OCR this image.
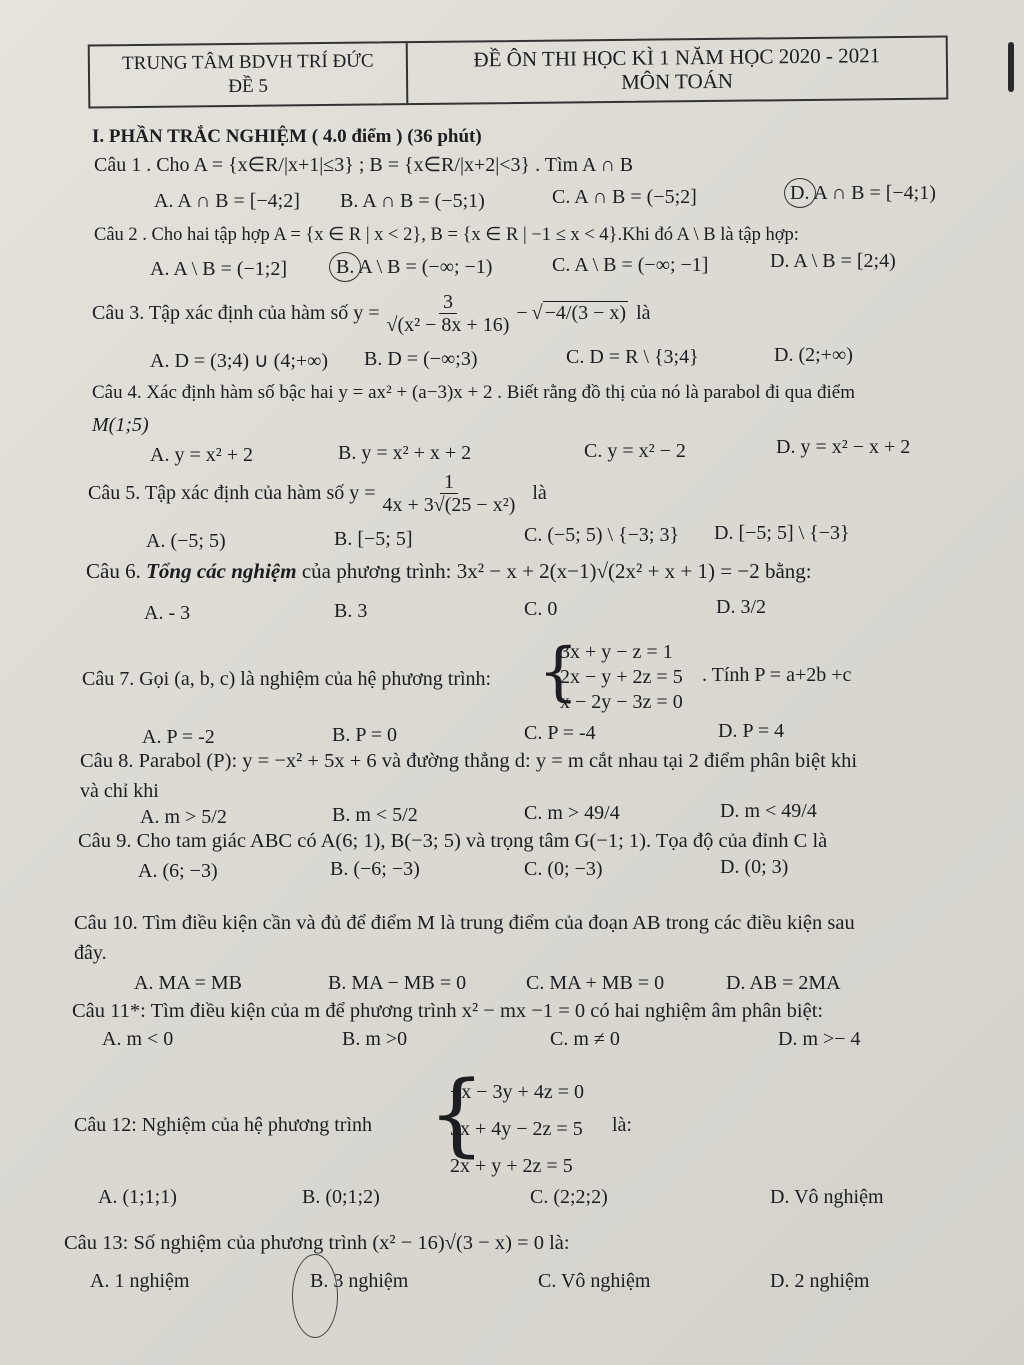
TRUNG TÂM BDVH TRÍ ĐỨC
ĐỀ 5
ĐỀ ÔN THI HỌC KÌ 1 NĂM HỌC 2020 - 2021
MÔN TOÁN
I. PHẦN TRẮC NGHIỆM ( 4.0 điểm ) (36 phút)
Câu 1 . Cho A = {x∈R/|x+1|≤3} ; B = {x∈R/|x+2|<3} . Tìm A ∩ B
A. A ∩ B = [−4;2] B. A ∩ B = (−5;1)	C. A ∩ B = (−5;2]	D. A ∩ B = [−4;1)
Câu 2 . Cho hai tập hợp A = {x ∈ R | x < 2}, B = {x ∈ R | −1 ≤ x < 4}.Khi đó A \ B là tập hợp:
A. A \ B = (−1;2] B. A \ B = (−∞; −1)	C. A \ B = (−∞; −1]	D. A \ B = [2;4)
Câu 3. Tập xác định của hàm số $y = \frac{3}{\text{√(x² − 8x + 16)}}$ − √ −4/(3 − x) là
A. D = (3;4) ∪ (4;+∞) B. D = (−∞;3)	C. D = R \ {3;4}	D. (2;+∞)
Câu 4. Xác định hàm số bậc hai y = ax² + (a−3)x + 2 . Biết rằng đồ thị của nó là parabol đi qua điểm
M(1;5)
A. y = x² + 2	B. y = x² + x + 2	C. y = x² − 2	D. y = x² − x + 2
Câu 5. Tập xác định của hàm số $y = \frac{1}{\text{4x + 3√(25 − x²)}}$ là
A. (−5; 5)	B. [−5; 5]	C. (−5; 5) \ {−3; 3} D. [−5; 5] \ {−3}
Câu 6. Tổng các nghiệm của phương trình: 3x² − x + 2(x−1)√(2x² + x + 1) = −2 bằng:
A. - 3	B. 3	C. 0	D. 3/2
Câu 7. Gọi (a, b, c) là nghiệm của hệ phương trình: {
3x + y − z = 1
2x − y + 2z = 5
x − 2y − 3z = 0
. Tính P = a+2b +c
A. P = -2	B. P = 0	C. P = -4	D. P = 4
Câu 8. Parabol (P): y = −x² + 5x + 6 và đường thẳng d: y = m cắt nhau tại 2 điểm phân biệt khi
và chỉ khi
A. m > 5/2	B. m < 5/2	C. m > 49/4	D. m < 49/4
Câu 9. Cho tam giác ABC có A(6; 1), B(−3; 5) và trọng tâm G(−1; 1). Tọa độ của đỉnh C là
A. (6; −3)	B. (−6; −3)	C. (0; −3)	D. (0; 3)
Câu 10. Tìm điều kiện cần và đủ để điểm M là trung điểm của đoạn AB trong các điều kiện sau
đây.
A. MA = MB	B. MA − MB = 0	C. MA + MB = 0	D. AB = 2MA
Câu 11*: Tìm điều kiện của m để phương trình x² − mx −1 = 0 có hai nghiệm âm phân biệt:
A. m < 0	B. m >0	C. m ≠ 0	D. m >− 4
Câu 12: Nghiệm của hệ phương trình {
−x − 3y + 4z = 0
3x + 4y − 2z = 5
2x + y + 2z = 5
là:
A. (1;1;1)	B. (0;1;2)	C. (2;2;2)	D. Vô nghiệm
Câu 13: Số nghiệm của phương trình (x² − 16)√(3 − x) = 0 là:
A. 1 nghiệm	B. 3 nghiệm	C. Vô nghiệm	D. 2 nghiệm
